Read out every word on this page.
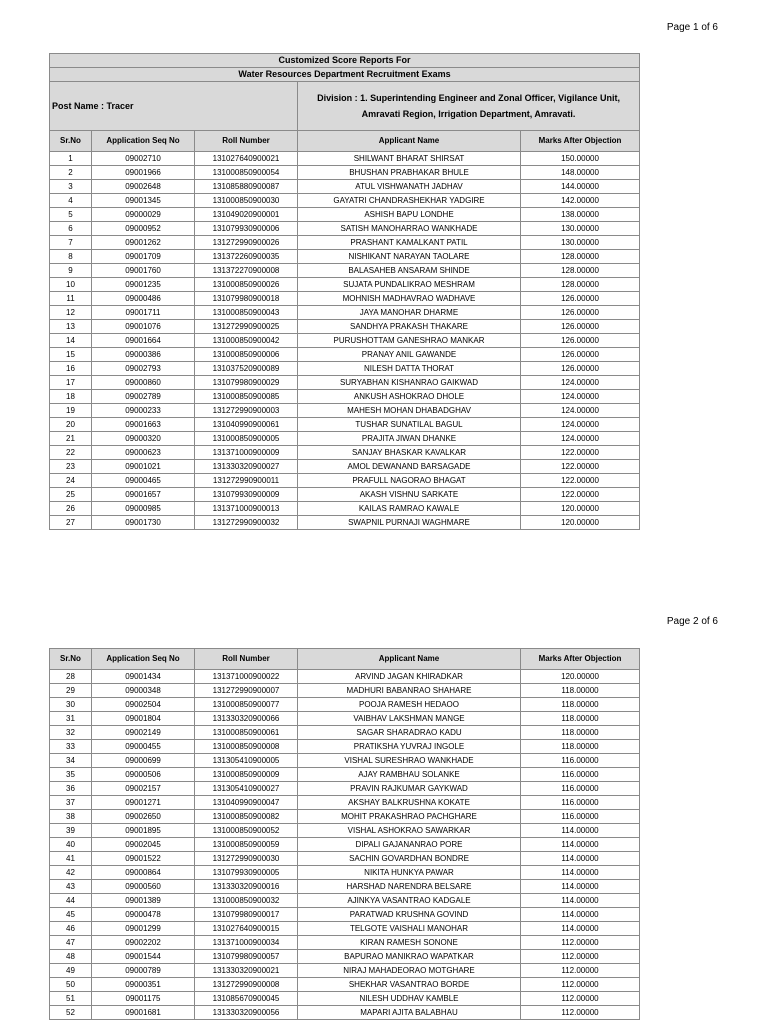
Page 1 of 6
Customized Score Reports For				
Water Resources Department Recruitment Exams				
Post Name : Tracer			Division : 1. Superintending Engineer and Zonal Officer, Vigilance Unit, Amravati Region, Irrigation Department, Amravati.	
Sr.No	Application Seq No	Roll Number	Applicant Name	Marks After Objection
1	09002710	131027640900021	SHILWANT BHARAT SHIRSAT	150.00000
2	09001966	131000850900054	BHUSHAN PRABHAKAR BHULE	148.00000
3	09002648	131085880900087	ATUL VISHWANATH JADHAV	144.00000
4	09001345	131000850900030	GAYATRI CHANDRASHEKHAR YADGIRE	142.00000
5	09000029	131049020900001	ASHISH BAPU LONDHE	138.00000
6	09000952	131079930900006	SATISH MANOHARRAO WANKHADE	130.00000
7	09001262	131272990900026	PRASHANT KAMALKANT PATIL	130.00000
8	09001709	131372260900035	NISHIKANT NARAYAN TAOLARE	128.00000
9	09001760	131372270900008	BALASAHEB ANSARAM SHINDE	128.00000
10	09001235	131000850900026	SUJATA PUNDALIKRAO MESHRAM	128.00000
11	09000486	131079980900018	MOHNISH MADHAVRAO WADHAVE	126.00000
12	09001711	131000850900043	JAYA MANOHAR DHARME	126.00000
13	09001076	131272990900025	SANDHYA PRAKASH THAKARE	126.00000
14	09001664	131000850900042	PURUSHOTTAM GANESHRAO MANKAR	126.00000
15	09000386	131000850900006	PRANAY ANIL GAWANDE	126.00000
16	09002793	131037520900089	NILESH DATTA THORAT	126.00000
17	09000860	131079980900029	SURYABHAN KISHANRAO GAIKWAD	124.00000
18	09002789	131000850900085	ANKUSH ASHOKRAO DHOLE	124.00000
19	09000233	131272990900003	MAHESH MOHAN DHABADGHAV	124.00000
20	09001663	131040990900061	TUSHAR SUNATILAL BAGUL	124.00000
21	09000320	131000850900005	PRAJITA JIWAN DHANKE	124.00000
22	09000623	131371000900009	SANJAY BHASKAR KAVALKAR	122.00000
23	09001021	131330320900027	AMOL DEWANAND BARSAGADE	122.00000
24	09000465	131272990900011	PRAFULL NAGORAO BHAGAT	122.00000
25	09001657	131079930900009	AKASH VISHNU SARKATE	122.00000
26	09000985	131371000900013	KAILAS RAMRAO KAWALE	120.00000
27	09001730	131272990900032	SWAPNIL PURNAJI WAGHMARE	120.00000
Page 2 of 6
Sr.No	Application Seq No	Roll Number	Applicant Name	Marks After Objection
28	09001434	131371000900022	ARVIND JAGAN KHIRADKAR	120.00000
29	09000348	131272990900007	MADHURI BABANRAO SHAHARE	118.00000
30	09002504	131000850900077	POOJA RAMESH HEDAOO	118.00000
31	09001804	131330320900066	VAIBHAV LAKSHMAN MANGE	118.00000
32	09002149	131000850900061	SAGAR SHARADRAO KADU	118.00000
33	09000455	131000850900008	PRATIKSHA YUVRAJ INGOLE	118.00000
34	09000699	131305410900005	VISHAL SURESHRAO WANKHADE	116.00000
35	09000506	131000850900009	AJAY RAMBHAU SOLANKE	116.00000
36	09002157	131305410900027	PRAVIN RAJKUMAR GAYKWAD	116.00000
37	09001271	131040990900047	AKSHAY BALKRUSHNA KOKATE	116.00000
38	09002650	131000850900082	MOHIT PRAKASHRAO PACHGHARE	116.00000
39	09001895	131000850900052	VISHAL ASHOKRAO SAWARKAR	114.00000
40	09002045	131000850900059	DIPALI GAJANANRAO PORE	114.00000
41	09001522	131272990900030	SACHIN GOVARDHAN BONDRE	114.00000
42	09000864	131079930900005	NIKITA HUNKYA PAWAR	114.00000
43	09000560	131330320900016	HARSHAD NARENDRA BELSARE	114.00000
44	09001389	131000850900032	AJINKYA VASANTRAO KADGALE	114.00000
45	09000478	131079980900017	PARATWAD KRUSHNA GOVIND	114.00000
46	09001299	131027640900015	TELGOTE VAISHALI MANOHAR	114.00000
47	09002202	131371000900034	KIRAN RAMESH SONONE	112.00000
48	09001544	131079980900057	BAPURAO MANIKRAO WAPATKAR	112.00000
49	09000789	131330320900021	NIRAJ MAHADEORAO MOTGHARE	112.00000
50	09000351	131272990900008	SHEKHAR VASANTRAO BORDE	112.00000
51	09001175	131085670900045	NILESH UDDHAV KAMBLE	112.00000
52	09001681	131330320900056	MAPARI AJITA BALABHAU	112.00000
